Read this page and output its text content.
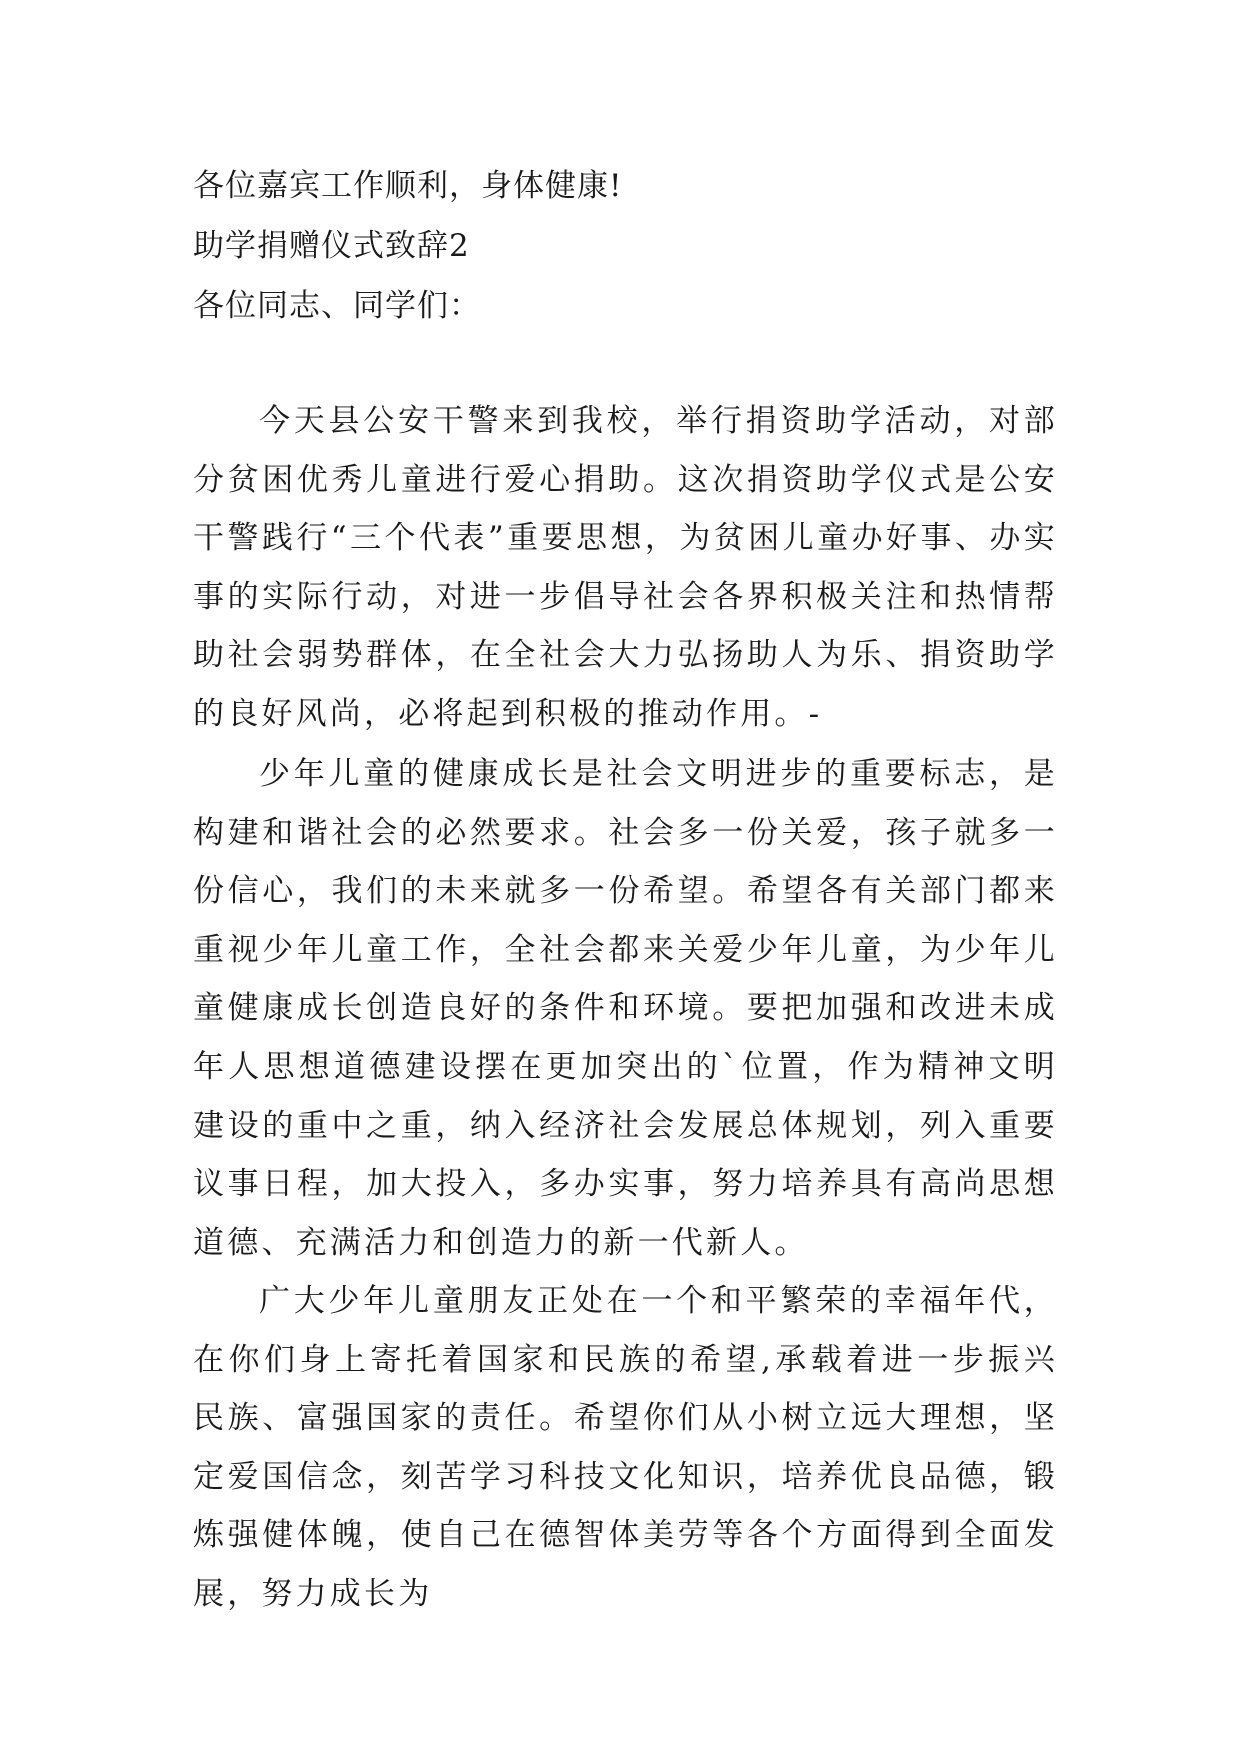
各位嘉宾工作顺利，身体健康!

助学捐赠仪式致辞2

各位同志、同学们：

今天县公安干警来到我校，举行捐资助学活动，对部分贫困优秀儿童进行爱心捐助。这次捐资助学仪式是公安干警践行“三个代表”重要思想，为贫困儿童办好事、办实事的实际行动，对进一步倡导社会各界积极关注和热情帮助社会弱势群体，在全社会大力弘扬助人为乐、捐资助学的良好风尚，必将起到积极的推动作用。-

少年儿童的健康成长是社会文明进步的重要标志，是构建和谐社会的必然要求。社会多一份关爱，孩子就多一份信心，我们的未来就多一份希望。希望各有关部门都来重视少年儿童工作，全社会都来关爱少年儿童，为少年儿童健康成长创造良好的条件和环境。要把加强和改进未成年人思想道德建设摆在更加突出的`位置，作为精神文明建设的重中之重，纳入经济社会发展总体规划，列入重要议事日程，加大投入，多办实事，努力培养具有高尚思想道德、充满活力和创造力的新一代新人。

广大少年儿童朋友正处在一个和平繁荣的幸福年代，在你们身上寄托着国家和民族的希望,承载着进一步振兴民族、富强国家的责任。希望你们从小树立远大理想，坚定爱国信念，刻苦学习科技文化知识，培养优良品德，锻炼强健体魄，使自己在德智体美劳等各个方面得到全面发展，努力成长为
